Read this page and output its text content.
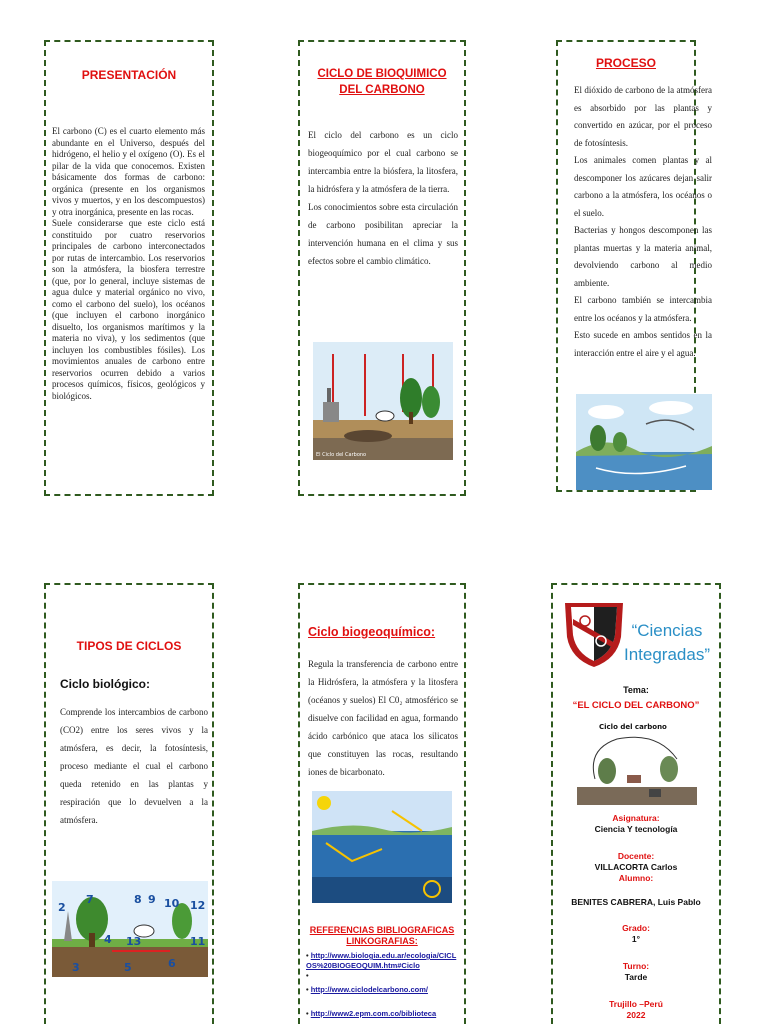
PRESENTACIÓN

El carbono (C) es el cuarto elemento más abundante en el Universo, después del hidrógeno, el helio y el oxígeno (O). Es el pilar de la vida que conocemos. Existen básicamente dos formas de carbono: orgánica (presente en los organismos vivos y muertos, y en los descompuestos) y otra inorgánica, presente en las rocas.

Suele considerarse que este ciclo está constituido por cuatro reservorios principales de carbono interconectados por rutas de intercambio. Los reservorios son la atmósfera, la biosfera terrestre (que, por lo general, incluye sistemas de agua dulce y material orgánico no vivo, como el carbono del suelo), los océanos (que incluyen el carbono inorgánico disuelto, los organismos marítimos y la materia no viva), y los sedimentos (que incluyen los combustibles fósiles). Los movimientos anuales de carbono entre reservorios ocurren debido a varios procesos químicos, físicos, geológicos y biológicos.

CICLO DE BIOQUIMICO
DEL CARBONO

El ciclo del carbono es un ciclo biogeoquímico por el cual carbono se intercambia entre la biósfera, la litosfera, la hidrósfera y la atmósfera de la tierra.

Los conocimientos sobre esta circulación de carbono posibilitan apreciar la intervención humana en el clima y sus efectos sobre el cambio climático.

El Ciclo del Carbono
PROCESO

El dióxido de carbono de la atmósfera es absorbido por las plantas y convertido en azúcar, por el proceso de fotosíntesis.

Los animales comen plantas y al descomponer los azúcares dejan salir carbono a la atmósfera, los océanos o el suelo.

Bacterias y hongos descomponen las plantas muertas y la materia animal, devolviendo carbono al medio ambiente.

El carbono también se intercambia entre los océanos y la atmósfera.

Esto sucede en ambos sentidos en la interacción entre el aire y el agua.

TIPOS DE CICLOS
Ciclo biológico:
Comprende los intercambios de carbono (CO2) entre los seres vivos y la atmósfera, es decir, la fotosíntesis, proceso mediante el cual el carbono queda retenido en las plantas y respiración que lo devuelven a la atmósfera.
2
7	8 9 10 12
11
13
4
6
3	5
Ciclo biogeoquímico:
Regula la transferencia de carbono entre la Hidrósfera, la atmósfera y la litosfera (océanos y suelos) El C0₂ atmosférico se disuelve con facilidad en agua, formando ácido carbónico que ataca los silicatos que constituyen las rocas, resultando iones de bicarbonato.
REFERENCIAS BIBLIOGRAFICAS
LINKOGRAFIAS:
• http://www.biologia.edu.ar/ecologia/CICLOS%20BIOGEOQUIM.htm#Ciclo
•
• http://www.ciclodelcarbono.com/
• http://www2.epm.com.co/biblioteca
“Ciencias
Integradas”
Tema:
“EL CICLO DEL CARBONO”
Ciclo del carbono
Asignatura:
Ciencia Y tecnología
Docente:
VILLACORTA Carlos
Alumno:
BENITES CABRERA, Luis Pablo
Grado:
1°
Turno:
Tarde
Trujillo –Perú
2022
